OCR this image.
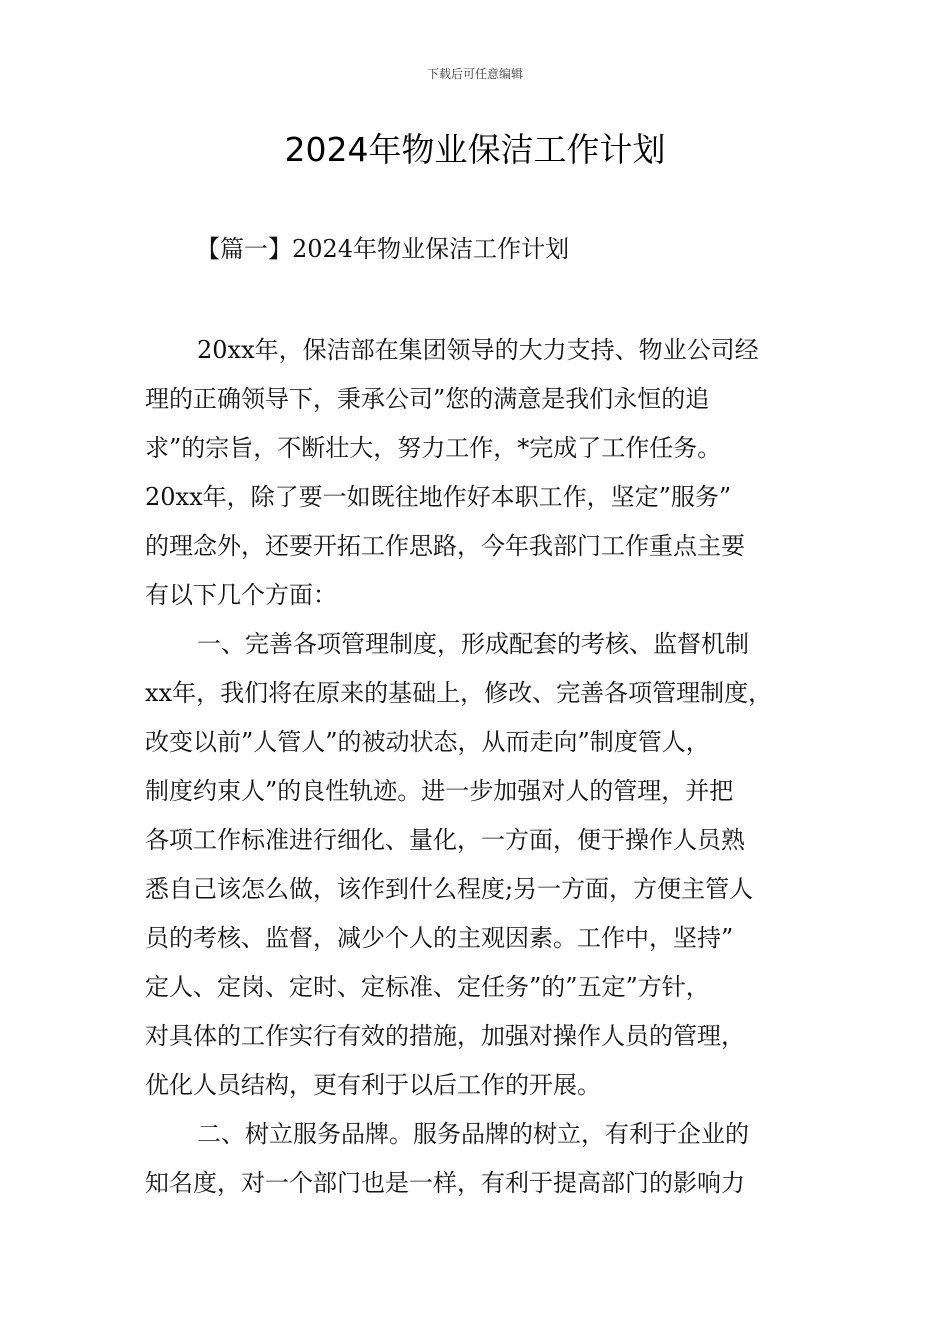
下载后可任意编辑
2024年物业保洁工作计划
【篇一】2024年物业保洁工作计划
20xx年，保洁部在集团领导的大力支持、物业公司经
理的正确领导下，秉承公司”您的满意是我们永恒的追
求”的宗旨，不断壮大，努力工作，*完成了工作任务。
20xx年，除了要一如既往地作好本职工作，坚定”服务”
的理念外，还要开拓工作思路，今年我部门工作重点主要
有以下几个方面：
一、完善各项管理制度，形成配套的考核、监督机制
xx年，我们将在原来的基础上，修改、完善各项管理制度，
改变以前”人管人”的被动状态，从而走向”制度管人，
制度约束人”的良性轨迹。进一步加强对人的管理，并把
各项工作标准进行细化、量化，一方面，便于操作人员熟
悉自己该怎么做，该作到什么程度;另一方面，方便主管人
员的考核、监督，减少个人的主观因素。工作中，坚持”
定人、定岗、定时、定标准、定任务”的”五定”方针，
对具体的工作实行有效的措施，加强对操作人员的管理，
优化人员结构，更有利于以后工作的开展。
二、树立服务品牌。服务品牌的树立，有利于企业的
知名度，对一个部门也是一样，有利于提高部门的影响力
